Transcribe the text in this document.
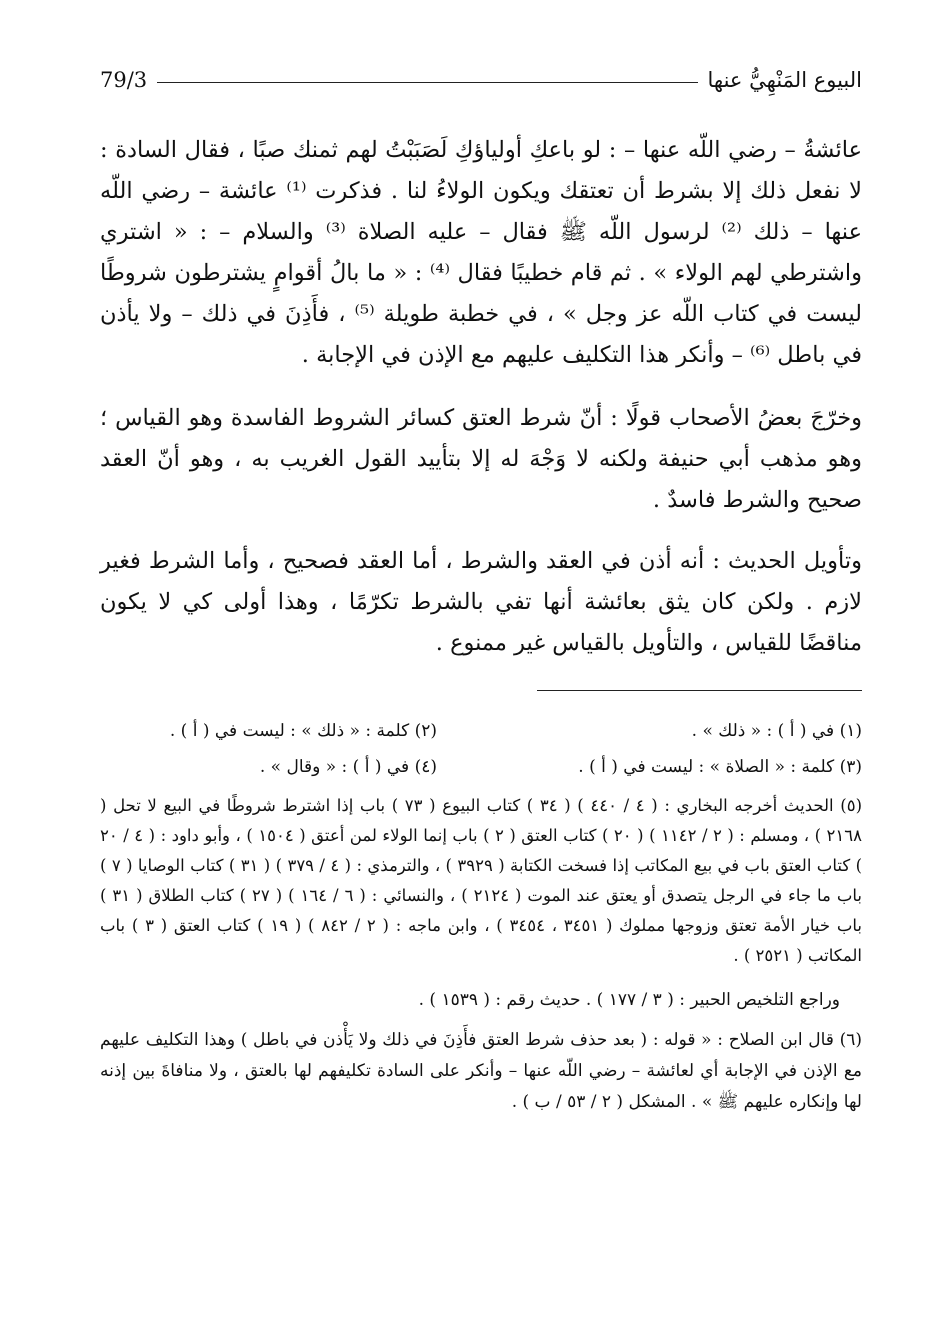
البيوع المَنْهِيُّ عنها
79/3

عائشةُ – رضي اللّه عنها – : لو باعكِ أولياؤكِ لَصَبَبْتُ لهم ثمنك صبًا ، فقال السادة : لا نفعل ذلك إلا بشرط أن تعتقك ويكون الولاءُ لنا . فذكرت ⁽¹⁾ عائشة – رضي اللّه عنها – ذلك ⁽²⁾ لرسول اللّه ﷺ فقال – عليه الصلاة ⁽³⁾ والسلام – : « اشتري واشترطي لهم الولاء » . ثم قام خطيبًا فقال ⁽⁴⁾ : « ما بالُ أقوامٍ يشترطون شروطًا ليست في كتاب اللّه عز وجل » ، في خطبة طويلة ⁽⁵⁾ ، فأَذِنَ في ذلك – ولا يأذن في باطل ⁽⁶⁾ – وأنكر هذا التكليف عليهم مع الإذن في الإجابة .

وخرّجَ بعضُ الأصحاب قولًا : أنّ شرط العتق كسائر الشروط الفاسدة وهو القياس ؛ وهو مذهب أبي حنيفة ولكنه لا وَجْهَ له إلا بتأييد القول الغريب به ، وهو أنّ العقد صحيح والشرط فاسدٌ .

وتأويل الحديث : أنه أذن في العقد والشرط ، أما العقد فصحيح ، وأما الشرط فغير لازم . ولكن كان يثق بعائشة أنها تفي بالشرط تكرّمًا ، وهذا أولى كي لا يكون مناقضًا للقياس ، والتأويل بالقياس غير ممنوع .

(١) في ( أ ) : « ذلك » .
(٢) كلمة : « ذلك » : ليست في ( أ ) .
(٣) كلمة : « الصلاة » : ليست في ( أ ) .
(٤) في ( أ ) : « وقال » .

(٥) الحديث أخرجه البخاري : ( ٤ / ٤٤٠ ) ( ٣٤ ) كتاب البيوع ( ٧٣ ) باب إذا اشترط شروطًا في البيع لا تحل ( ٢١٦٨ ) ، ومسلم : ( ٢ / ١١٤٢ ) ( ٢٠ ) كتاب العتق ( ٢ ) باب إنما الولاء لمن أعتق ( ١٥٠٤ ) ، وأبو داود : ( ٤ / ٢٠ ) كتاب العتق باب في بيع المكاتب إذا فسخت الكتابة ( ٣٩٢٩ ) ، والترمذي : ( ٤ / ٣٧٩ ) ( ٣١ ) كتاب الوصايا ( ٧ ) باب ما جاء في الرجل يتصدق أو يعتق عند الموت ( ٢١٢٤ ) ، والنسائي : ( ٦ / ١٦٤ ) ( ٢٧ ) كتاب الطلاق ( ٣١ ) باب خيار الأمة تعتق وزوجها مملوك ( ٣٤٥١ ، ٣٤٥٤ ) ، وابن ماجه : ( ٢ / ٨٤٢ ) ( ١٩ ) كتاب العتق ( ٣ ) باب المكاتب ( ٢٥٢١ ) .

وراجع التلخيص الحبير : ( ٣ / ١٧٧ ) . حديث رقم : ( ١٥٣٩ ) .

(٦) قال ابن الصلاح : « قوله : ( بعد حذف شرط العتق فأَذِنَ في ذلك ولا يَأْذن في باطل ) وهذا التكليف عليهم مع الإذن في الإجابة أي لعائشة – رضي اللّه عنها – وأنكر على السادة تكليفهم لها بالعتق ، ولا منافاةَ بين إذنه لها وإنكاره عليهم ﷺ » . المشكل ( ٢ / ٥٣ / ب ) .
